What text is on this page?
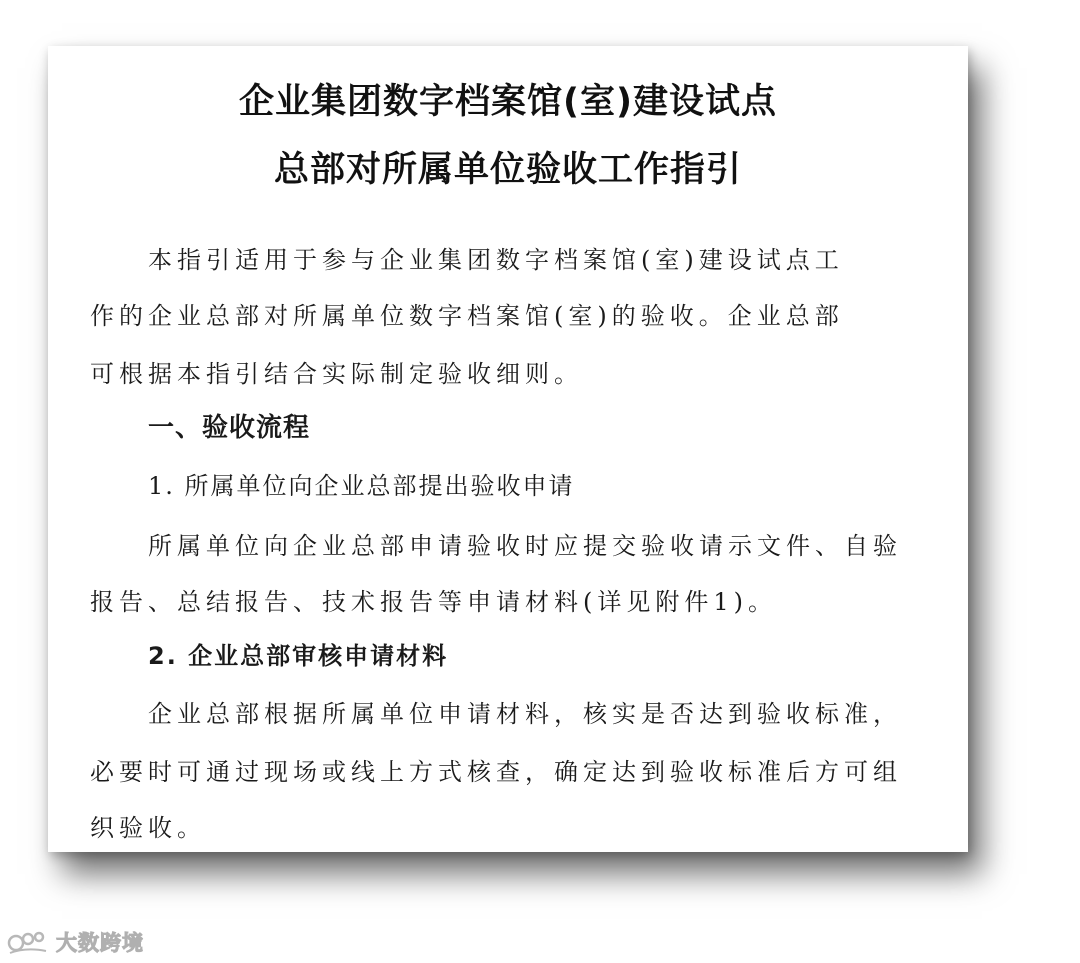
企业集团数字档案馆(室)建设试点
总部对所属单位验收工作指引
本指引适用于参与企业集团数字档案馆(室)建设试点工
作的企业总部对所属单位数字档案馆(室)的验收。企业总部
可根据本指引结合实际制定验收细则。
一、验收流程
1. 所属单位向企业总部提出验收申请
所属单位向企业总部申请验收时应提交验收请示文件、自验
报告、总结报告、技术报告等申请材料(详见附件1)。
2. 企业总部审核申请材料
企业总部根据所属单位申请材料，核实是否达到验收标准，
必要时可通过现场或线上方式核查，确定达到验收标准后方可组
织验收。
大数跨境
